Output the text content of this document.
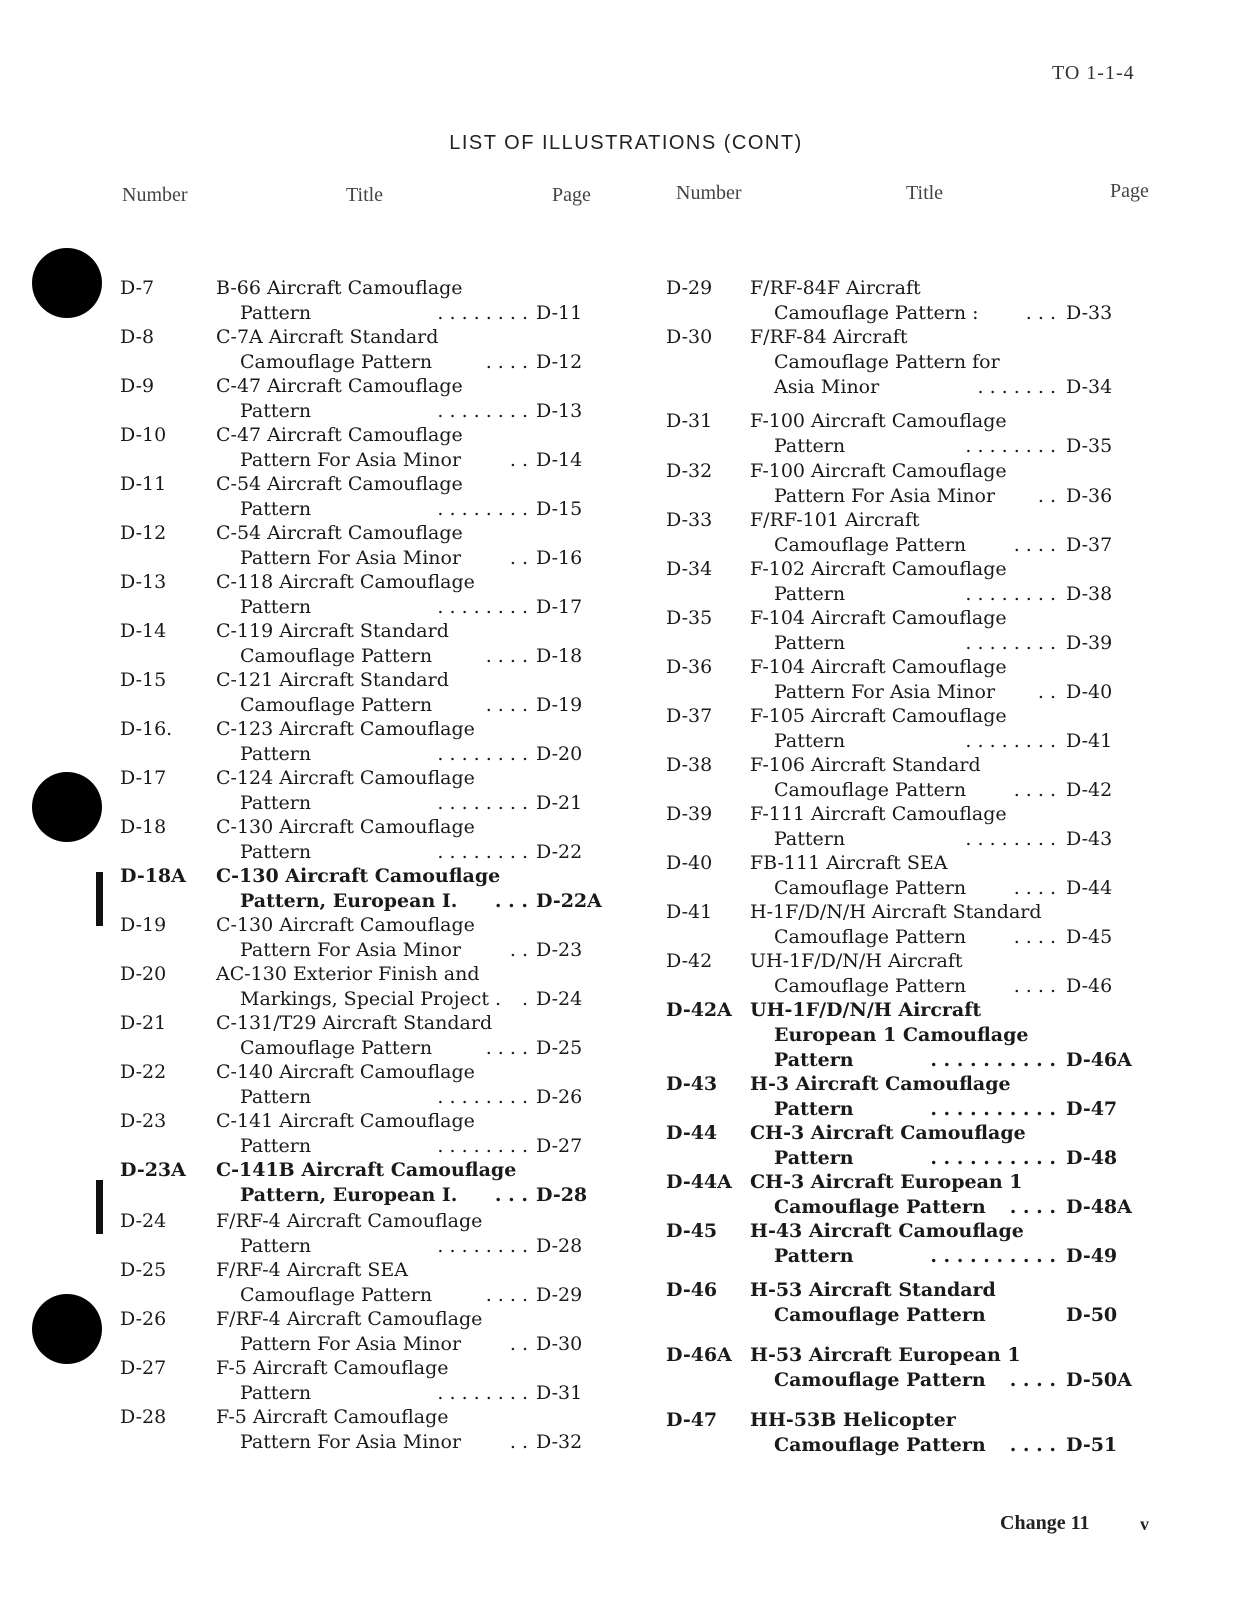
TO 1-1-4
LIST OF ILLUSTRATIONS (CONT)
Number	Title	Page	Number	Title	Page
D-7	B-66 Aircraft Camouflage
Pattern	. . . . . . . . D-11
D-8	C-7A Aircraft Standard
Camouflage Pattern	. . . . D-12
D-9	C-47 Aircraft Camouflage
Pattern	. . . . . . . . D-13
D-10	C-47 Aircraft Camouflage
Pattern For Asia Minor	. . D-14
D-11	C-54 Aircraft Camouflage
Pattern	. . . . . . . . D-15
D-12	C-54 Aircraft Camouflage
Pattern For Asia Minor	. . D-16
D-13	C-118 Aircraft Camouflage
Pattern	. . . . . . . . D-17
D-14	C-119 Aircraft Standard
Camouflage Pattern	. . . . D-18
D-15	C-121 Aircraft Standard
Camouflage Pattern	. . . . D-19
D-16. C-123 Aircraft Camouflage
Pattern	. . . . . . . . D-20
D-17	C-124 Aircraft Camouflage
Pattern	. . . . . . . . D-21
D-18	C-130 Aircraft Camouflage
Pattern	. . . . . . . . D-22
D-18A C-130 Aircraft Camouflage
Pattern, European I.	. . . D-22A
D-19	C-130 Aircraft Camouflage
Pattern For Asia Minor	. . D-23
D-20	AC-130 Exterior Finish and
Markings, Special Project . . D-24
D-21	C-131/T29 Aircraft Standard
Camouflage Pattern	. . . . D-25
D-22	C-140 Aircraft Camouflage
Pattern	. . . . . . . . D-26
D-23	C-141 Aircraft Camouflage
Pattern	. . . . . . . . D-27
D-23A C-141B Aircraft Camouflage
Pattern, European I.	. . . D-28
D-24	F/RF-4 Aircraft Camouflage
Pattern	. . . . . . . . D-28
D-25	F/RF-4 Aircraft SEA
Camouflage Pattern	. . . . D-29
D-26	F/RF-4 Aircraft Camouflage
Pattern For Asia Minor	. . D-30
D-27	F-5 Aircraft Camouflage
Pattern	. . . . . . . . D-31
D-28	F-5 Aircraft Camouflage
Pattern For Asia Minor	. . D-32
D-29 F/RF-84F Aircraft
Camouflage Pattern : . . . D-33
D-30 F/RF-84 Aircraft
Camouflage Pattern for
Asia Minor	. . . . . . . D-34
D-31 F-100 Aircraft Camouflage
Pattern	. . . . . . . . D-35
D-32 F-100 Aircraft Camouflage
Pattern For Asia Minor	. . D-36
D-33 F/RF-101 Aircraft
Camouflage Pattern	. . . . D-37
D-34 F-102 Aircraft Camouflage
Pattern	. . . . . . . . D-38
D-35 F-104 Aircraft Camouflage
Pattern	. . . . . . . . D-39
D-36 F-104 Aircraft Camouflage
Pattern For Asia Minor	. . D-40
D-37 F-105 Aircraft Camouflage
Pattern	. . . . . . . . D-41
D-38 F-106 Aircraft Standard
Camouflage Pattern	. . . . D-42
D-39 F-111 Aircraft Camouflage
Pattern	. . . . . . . . D-43
D-40 FB-111 Aircraft SEA
Camouflage Pattern	. . . . D-44
D-41 H-1F/D/N/H Aircraft Standard
Camouflage Pattern	. . . . D-45
D-42 UH-1F/D/N/H Aircraft
Camouflage Pattern	. . . . D-46
D-42A UH-1F/D/N/H Aircraft
European 1 Camouflage
Pattern	. . . . . . . . . . D-46A
D-43 H-3 Aircraft Camouflage
Pattern	. . . . . . . . . . D-47
D-44 CH-3 Aircraft Camouflage
Pattern	. . . . . . . . . . D-48
D-44A CH-3 Aircraft European 1
Camouflage Pattern	. . . . D-48A
D-45 H-43 Aircraft Camouflage
Pattern	. . . . . . . . . . D-49
D-46 H-53 Aircraft Standard
Camouflage Pattern	D-50
D-46A H-53 Aircraft European 1
Camouflage Pattern	. . . . D-50A
D-47 HH-53B Helicopter
Camouflage Pattern . . . . D-51
Change 11	v
